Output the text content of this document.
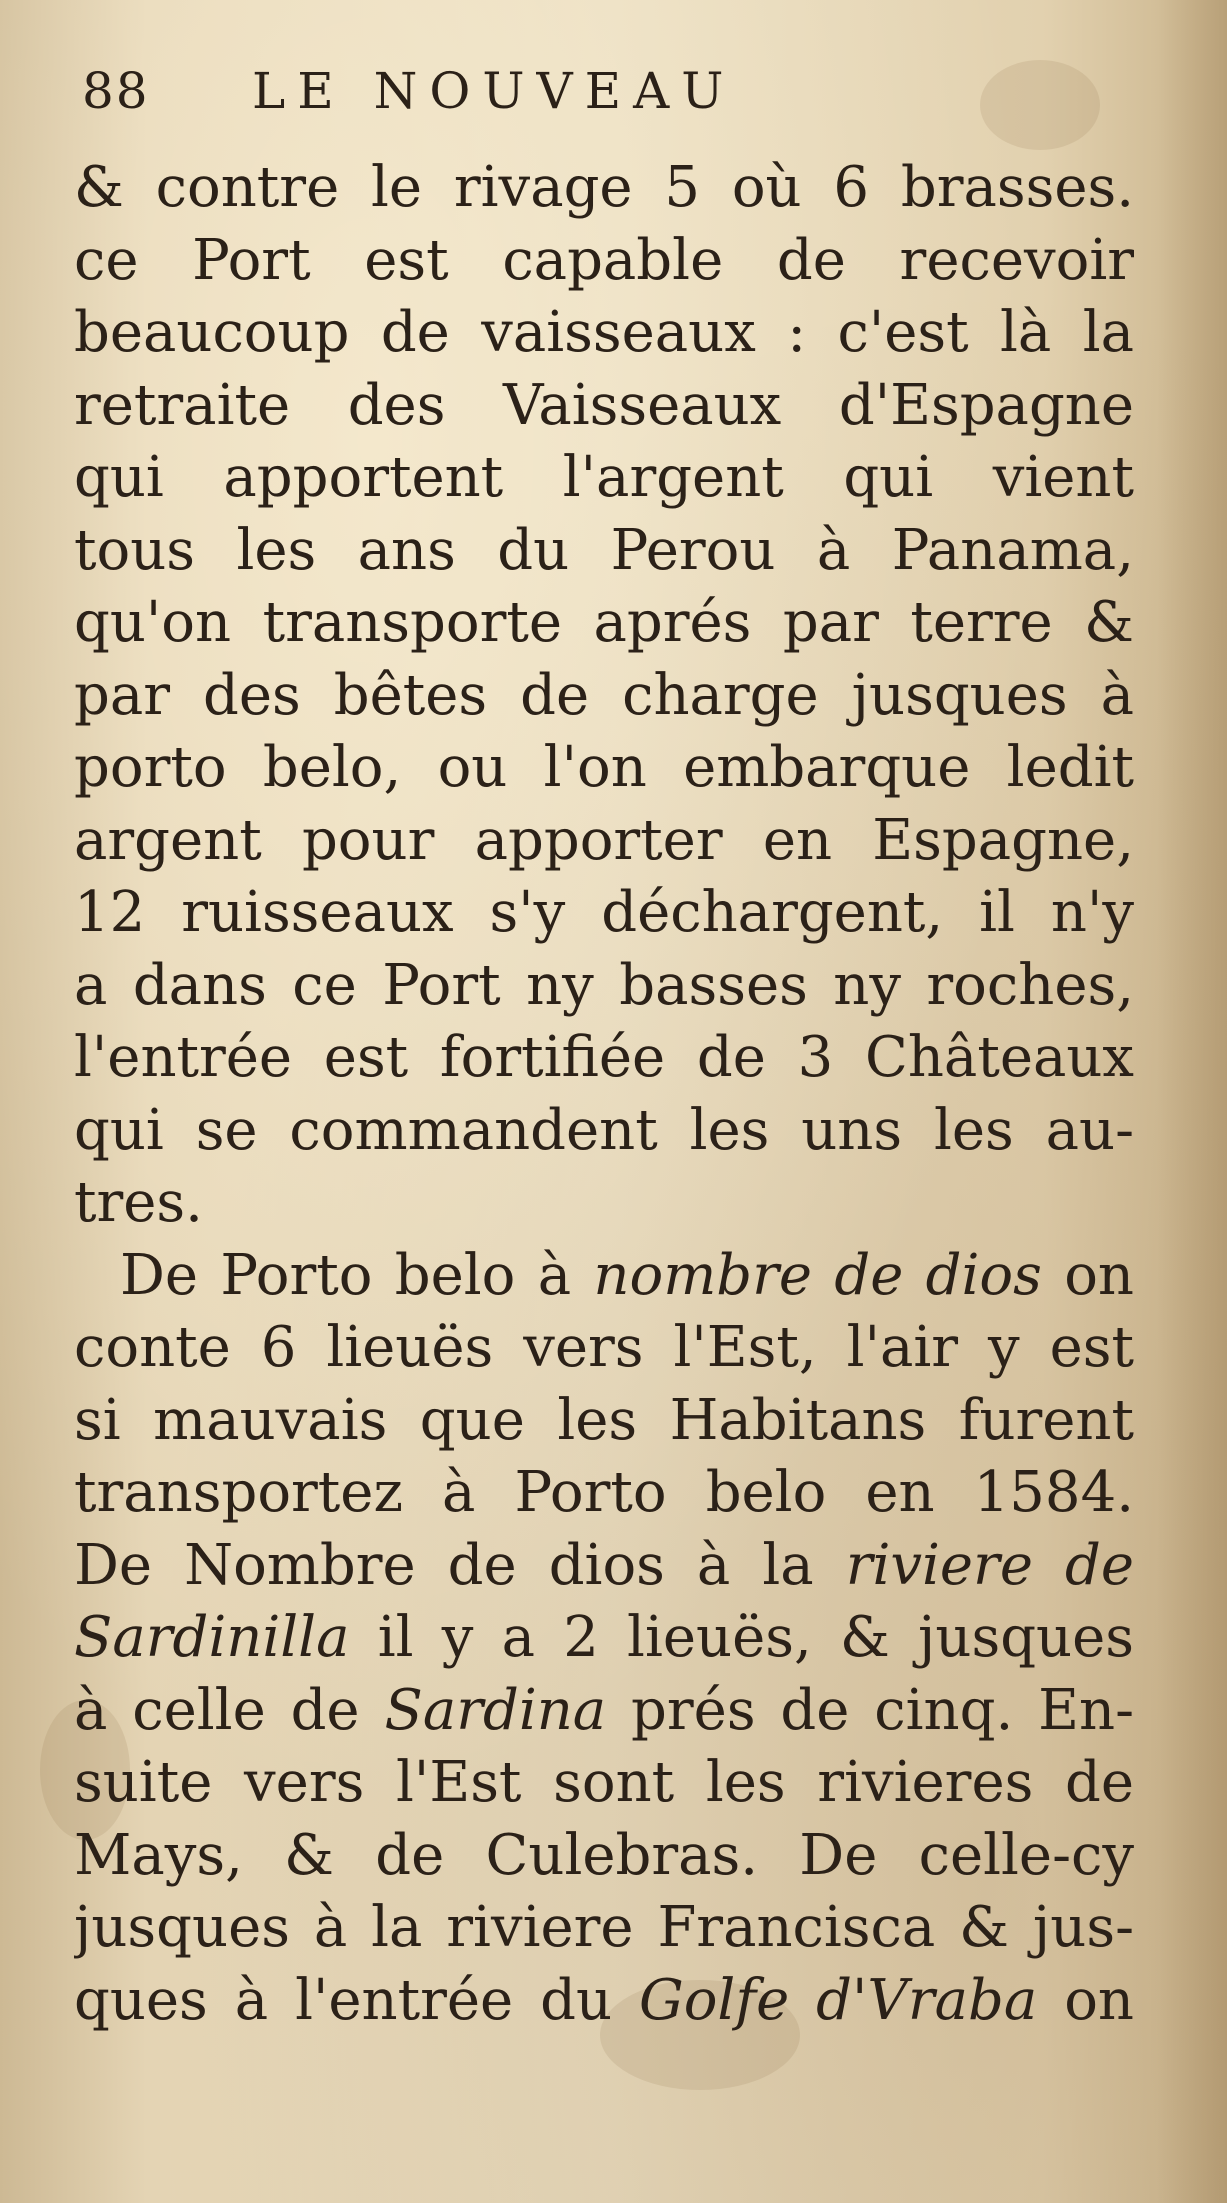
88	LE NOUVEAU
& contre le rivage 5 où 6 brasses.
ce Port est capable de recevoir
beaucoup de vaisseaux : c'est là la
retraite des Vaisseaux d'Espagne
qui apportent l'argent qui vient
tous les ans du Perou à Panama,
qu'on transporte aprés par terre &
par des bêtes de charge jusques à
porto belo, ou l'on embarque ledit
argent pour apporter en Espagne,
12 ruisseaux s'y déchargent, il n'y
a dans ce Port ny basses ny roches,
l'entrée est fortifiée de 3 Châteaux
qui se commandent les uns les au-
tres.
De Porto belo à nombre de dios on
conte 6 lieuës vers l'Est, l'air y est
si mauvais que les Habitans furent
transportez à Porto belo en 1584.
De Nombre de dios à la riviere de
Sardinilla il y a 2 lieuës, & jusques
à celle de Sardina prés de cinq. En-
suite vers l'Est sont les rivieres de
Mays, & de Culebras. De celle-cy
jusques à la riviere Francisca & jus-
ques à l'entrée du Golfe d'Vraba on
